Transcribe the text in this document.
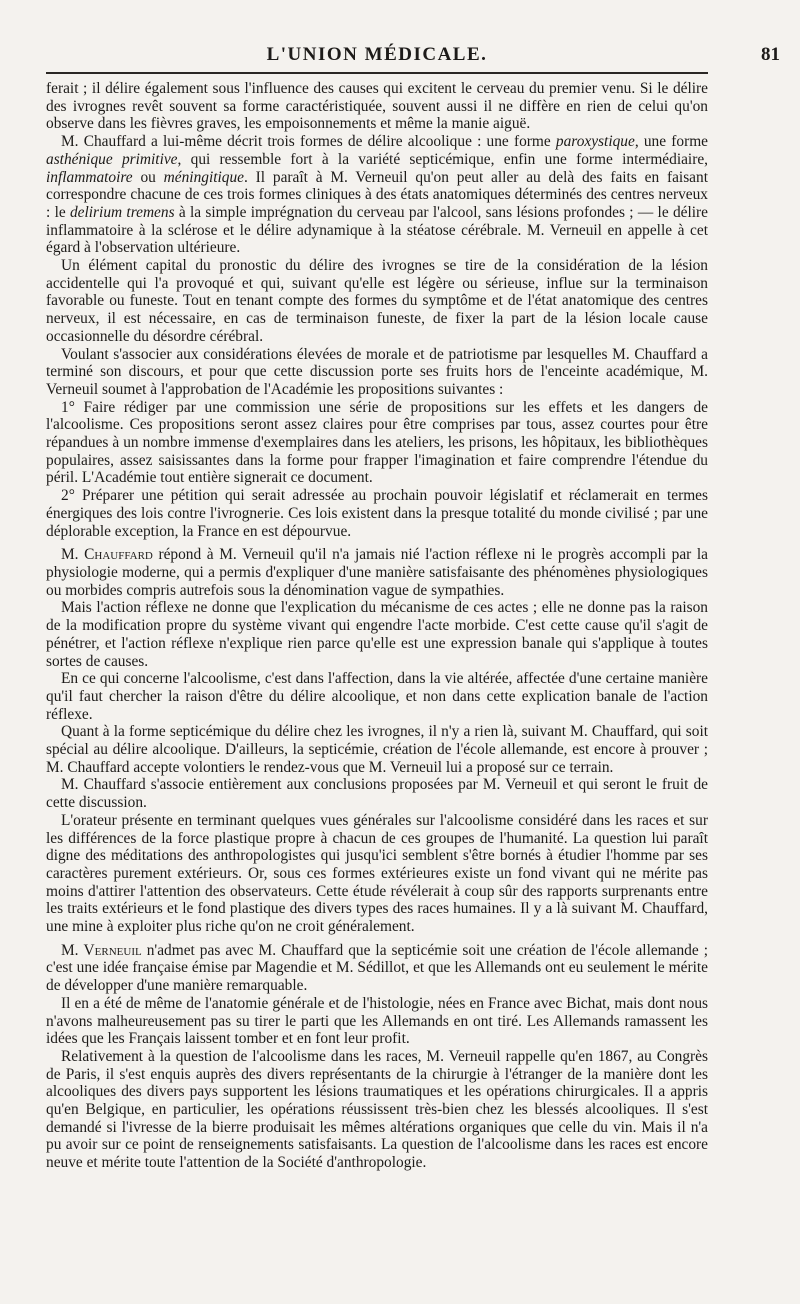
L'UNION MÉDICALE.	81

ferait ; il délire également sous l'influence des causes qui excitent le cerveau du premier venu. Si le délire des ivrognes revêt souvent sa forme caractéristiquée, souvent aussi il ne diffère en rien de celui qu'on observe dans les fièvres graves, les empoisonnements et même la manie aiguë.

M. Chauffard a lui-même décrit trois formes de délire alcoolique : une forme paroxystique, une forme asthénique primitive, qui ressemble fort à la variété septicémique, enfin une forme intermédiaire, inflammatoire ou méningitique. Il paraît à M. Verneuil qu'on peut aller au delà des faits en faisant correspondre chacune de ces trois formes cliniques à des états anatomiques déterminés des centres nerveux : le delirium tremens à la simple imprégnation du cerveau par l'alcool, sans lésions profondes ; — le délire inflammatoire à la sclérose et le délire adynamique à la stéatose cérébrale. M. Verneuil en appelle à cet égard à l'observation ultérieure.

Un élément capital du pronostic du délire des ivrognes se tire de la considération de la lésion accidentelle qui l'a provoqué et qui, suivant qu'elle est légère ou sérieuse, influe sur la terminaison favorable ou funeste. Tout en tenant compte des formes du symptôme et de l'état anatomique des centres nerveux, il est nécessaire, en cas de terminaison funeste, de fixer la part de la lésion locale cause occasionnelle du désordre cérébral.

Voulant s'associer aux considérations élevées de morale et de patriotisme par lesquelles M. Chauffard a terminé son discours, et pour que cette discussion porte ses fruits hors de l'enceinte académique, M. Verneuil soumet à l'approbation de l'Académie les propositions suivantes :

1° Faire rédiger par une commission une série de propositions sur les effets et les dangers de l'alcoolisme. Ces propositions seront assez claires pour être comprises par tous, assez courtes pour être répandues à un nombre immense d'exemplaires dans les ateliers, les prisons, les hôpitaux, les bibliothèques populaires, assez saisissantes dans la forme pour frapper l'imagination et faire comprendre l'étendue du péril. L'Académie tout entière signerait ce document.

2° Préparer une pétition qui serait adressée au prochain pouvoir législatif et réclamerait en termes énergiques des lois contre l'ivrognerie. Ces lois existent dans la presque totalité du monde civilisé ; par une déplorable exception, la France en est dépourvue.

M. Chauffard répond à M. Verneuil qu'il n'a jamais nié l'action réflexe ni le progrès accompli par la physiologie moderne, qui a permis d'expliquer d'une manière satisfaisante des phénomènes physiologiques ou morbides compris autrefois sous la dénomination vague de sympathies.

Mais l'action réflexe ne donne que l'explication du mécanisme de ces actes ; elle ne donne pas la raison de la modification propre du système vivant qui engendre l'acte morbide. C'est cette cause qu'il s'agit de pénétrer, et l'action réflexe n'explique rien parce qu'elle est une expression banale qui s'applique à toutes sortes de causes.

En ce qui concerne l'alcoolisme, c'est dans l'affection, dans la vie altérée, affectée d'une certaine manière qu'il faut chercher la raison d'être du délire alcoolique, et non dans cette explication banale de l'action réflexe.

Quant à la forme septicémique du délire chez les ivrognes, il n'y a rien là, suivant M. Chauffard, qui soit spécial au délire alcoolique. D'ailleurs, la septicémie, création de l'école allemande, est encore à prouver ; M. Chauffard accepte volontiers le rendez-vous que M. Verneuil lui a proposé sur ce terrain.

M. Chauffard s'associe entièrement aux conclusions proposées par M. Verneuil et qui seront le fruit de cette discussion.

L'orateur présente en terminant quelques vues générales sur l'alcoolisme considéré dans les races et sur les différences de la force plastique propre à chacun de ces groupes de l'humanité. La question lui paraît digne des méditations des anthropologistes qui jusqu'ici semblent s'être bornés à étudier l'homme par ses caractères purement extérieurs. Or, sous ces formes extérieures existe un fond vivant qui ne mérite pas moins d'attirer l'attention des observateurs. Cette étude révélerait à coup sûr des rapports surprenants entre les traits extérieurs et le fond plastique des divers types des races humaines. Il y a là suivant M. Chauffard, une mine à exploiter plus riche qu'on ne croit généralement.

M. Verneuil n'admet pas avec M. Chauffard que la septicémie soit une création de l'école allemande ; c'est une idée française émise par Magendie et M. Sédillot, et que les Allemands ont eu seulement le mérite de développer d'une manière remarquable.

Il en a été de même de l'anatomie générale et de l'histologie, nées en France avec Bichat, mais dont nous n'avons malheureusement pas su tirer le parti que les Allemands en ont tiré. Les Allemands ramassent les idées que les Français laissent tomber et en font leur profit.

Relativement à la question de l'alcoolisme dans les races, M. Verneuil rappelle qu'en 1867, au Congrès de Paris, il s'est enquis auprès des divers représentants de la chirurgie à l'étranger de la manière dont les alcooliques des divers pays supportent les lésions traumatiques et les opérations chirurgicales. Il a appris qu'en Belgique, en particulier, les opérations réussissent très-bien chez les blessés alcooliques. Il s'est demandé si l'ivresse de la bierre produisait les mêmes altérations organiques que celle du vin. Mais il n'a pu avoir sur ce point de renseignements satisfaisants. La question de l'alcoolisme dans les races est encore neuve et mérite toute l'attention de la Société d'anthropologie.
